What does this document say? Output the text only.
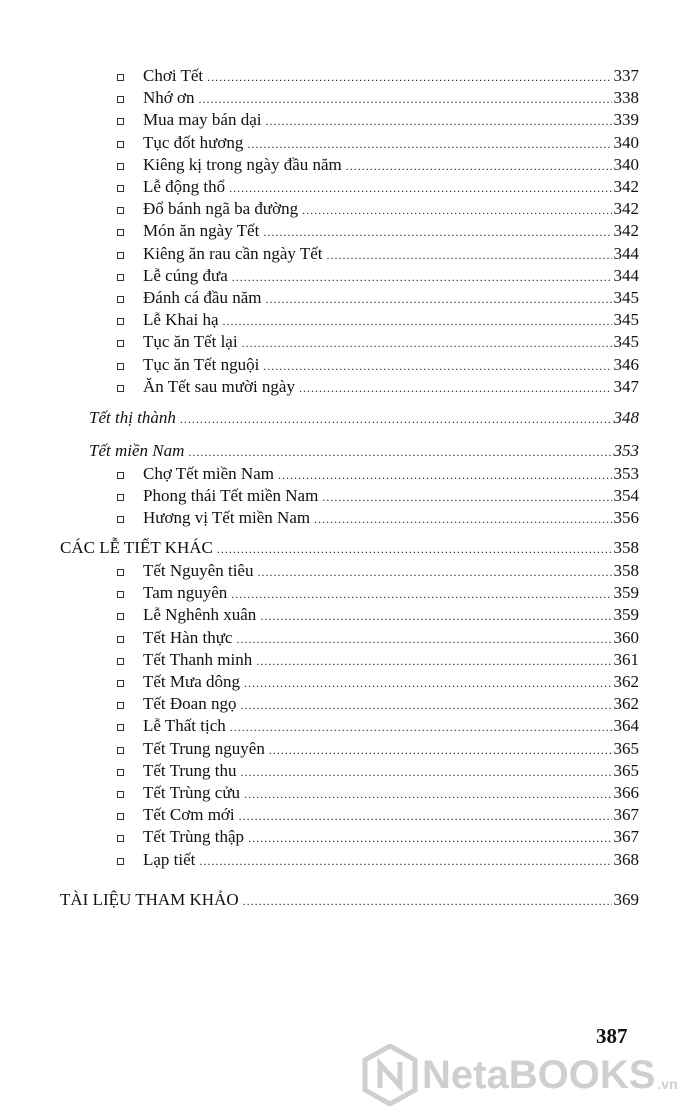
Chơi Tết .....	337
Nhớ ơn .....	338
Mua may bán dại .....	339
Tục đốt hương .....	340
Kiêng kị trong ngày đầu năm .....	340
Lễ động thổ .....	342
Đổ bánh ngã ba đường .....	342
Món ăn ngày Tết .....	342
Kiêng ăn rau cần ngày Tết .....	344
Lễ cúng đưa .....	344
Đánh cá đầu năm .....	345
Lễ Khai hạ .....	345
Tục ăn Tết lại .....	345
Tục ăn Tết nguội .....	346
Ăn Tết sau mười ngày .....	347
Tết thị thành .....	348
Tết miền Nam .....	353
Chợ Tết miền Nam .....	353
Phong thái Tết miền Nam .....	354
Hương vị Tết miền Nam .....	356
CÁC LỄ TIẾT KHÁC .....	358
Tết Nguyên tiêu .....	358
Tam nguyên .....	359
Lễ Nghênh xuân .....	359
Tết Hàn thực .....	360
Tết Thanh minh .....	361
Tết Mưa dông .....	362
Tết Đoan ngọ .....	362
Lễ Thất tịch .....	364
Tết Trung nguyên .....	365
Tết Trung thu .....	365
Tết Trùng cửu .....	366
Tết Cơm mới .....	367
Tết Trùng thập .....	367
Lạp tiết .....	368
TÀI LIỆU THAM KHẢO .....	369
387
NetaBOOKS .vn
